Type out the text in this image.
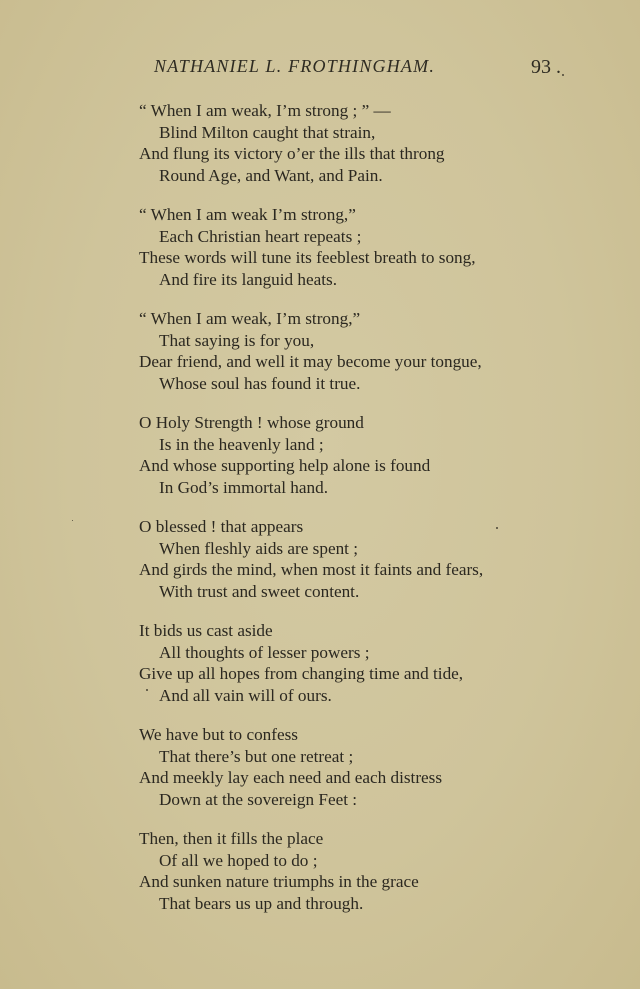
NATHANIEL L. FROTHINGHAM.	93 .
“ When I am weak, I’m strong ; ” —
Blind Milton caught that strain,
And flung its victory o’er the ills that throng
Round Age, and Want, and Pain.
“ When I am weak I’m strong,”
Each Christian heart repeats ;
These words will tune its feeblest breath to song,
And fire its languid heats.
“ When I am weak, I’m strong,”
That saying is for you,
Dear friend, and well it may become your tongue,
Whose soul has found it true.
O Holy Strength ! whose ground
Is in the heavenly land ;
And whose supporting help alone is found
In God’s immortal hand.
O blessed ! that appears
When fleshly aids are spent ;
And girds the mind, when most it faints and fears,
With trust and sweet content.
It bids us cast aside
All thoughts of lesser powers ;
Give up all hopes from changing time and tide,
And all vain will of ours.
We have but to confess
That there’s but one retreat ;
And meekly lay each need and each distress
Down at the sovereign Feet :
Then, then it fills the place
Of all we hoped to do ;
And sunken nature triumphs in the grace
That bears us up and through.
